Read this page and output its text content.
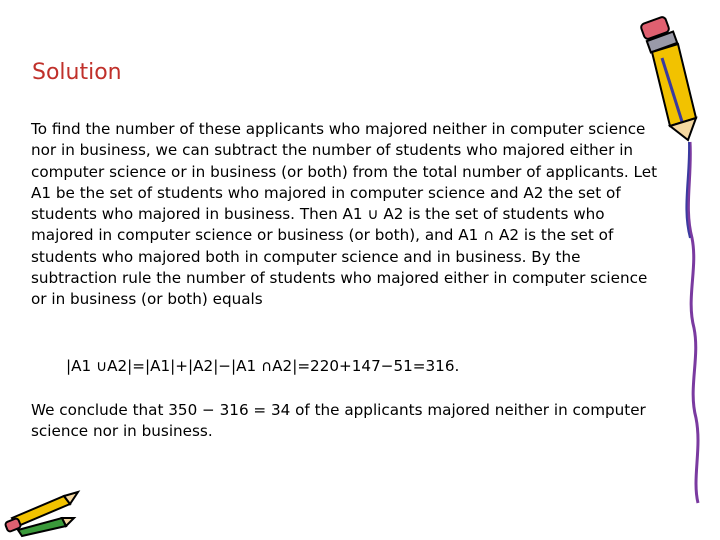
Solution

To find the number of these applicants who majored neither in computer science nor in business, we can subtract the number of students who majored either in computer science or in business (or both) from the total number of applicants. Let A1 be the set of students who majored in computer science and A2 the set of students who majored in business. Then A1 ∪ A2 is the set of students who majored in computer science or business (or both), and A1 ∩ A2 is the set of students who majored both in computer science and in business. By the subtraction rule the number of students who majored either in computer science or in business (or both) equals

|A1 ∪A2|=|A1|+|A2|−|A1 ∩A2|=220+147−51=316.

We conclude that 350 − 316 = 34 of the applicants majored neither in computer science nor in business.
